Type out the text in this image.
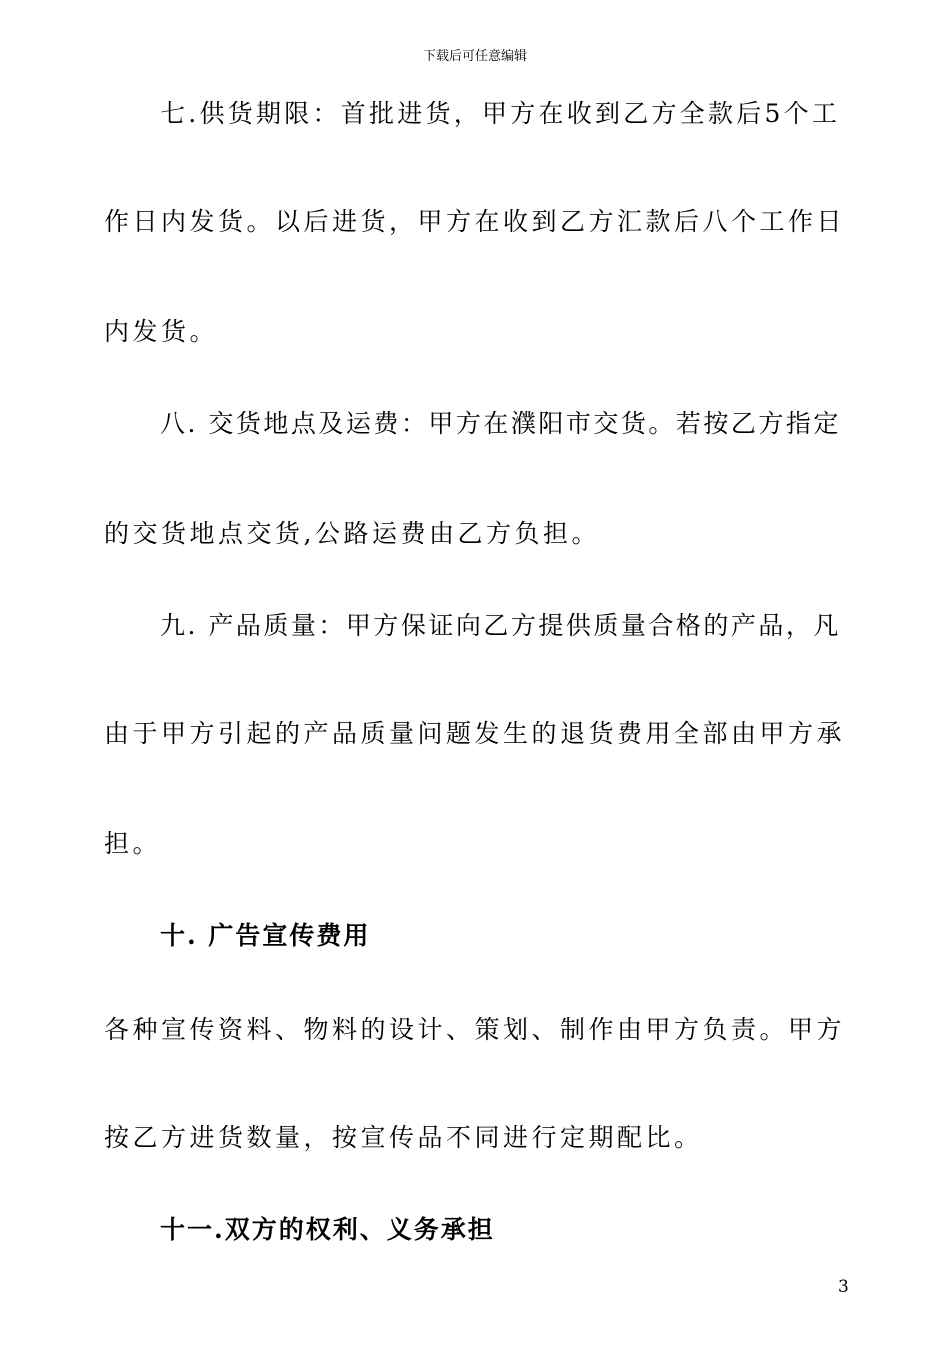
下载后可任意编辑
七.供货期限：首批进货，甲方在收到乙方全款后5个工
作日内发货。以后进货，甲方在收到乙方汇款后八个工作日
内发货。
八. 交货地点及运费：甲方在濮阳市交货。若按乙方指定
的交货地点交货,公路运费由乙方负担。
九. 产品质量：甲方保证向乙方提供质量合格的产品，凡
由于甲方引起的产品质量问题发生的退货费用全部由甲方承
担。
十. 广告宣传费用
各种宣传资料、物料的设计、策划、制作由甲方负责。甲方
按乙方进货数量，按宣传品不同进行定期配比。
十一.双方的权利、义务承担
3
